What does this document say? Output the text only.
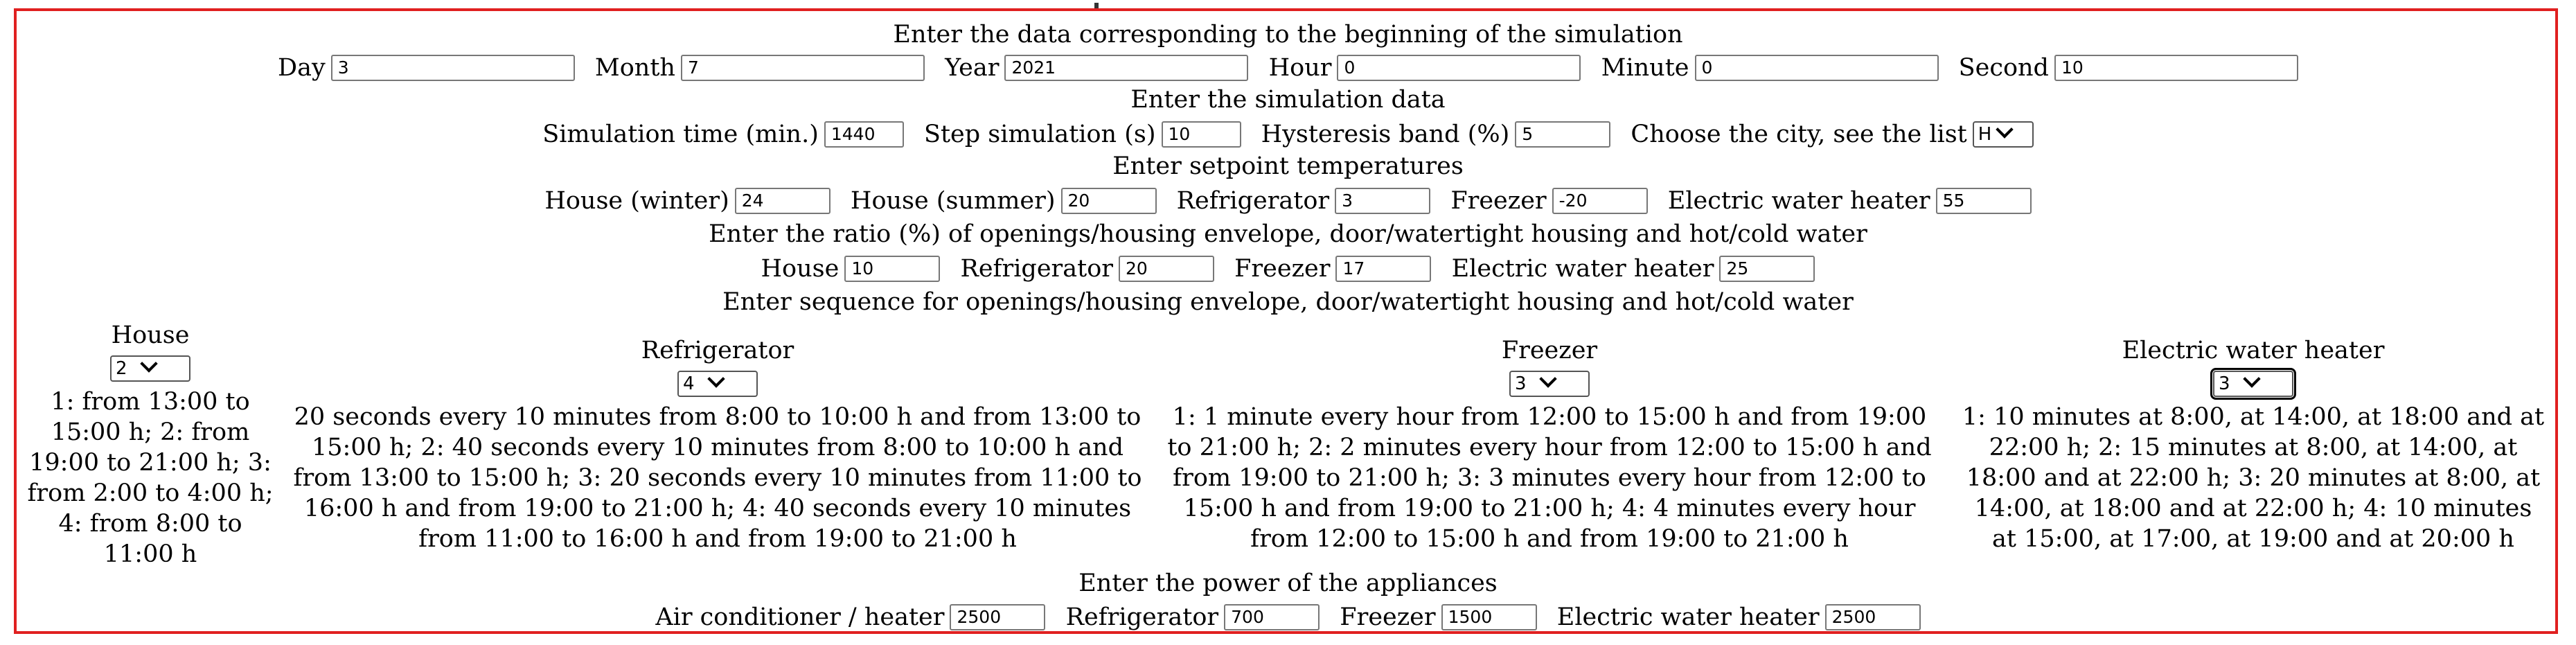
Enter the data corresponding to the beginning of the simulation
Day3	Month7	Year2021	Hour0	Minute0	Second10
Enter the simulation data
Simulation time (min.)1440	Step simulation (s)10	Hysteresis band (%)5	Choose the city, see the list H
Enter setpoint temperatures
House (winter)24	House (summer)20	Refrigerator3	Freezer-20	Electric water heater55
Enter the ratio (%) of openings/housing envelope, door/watertight housing and hot/cold water
House10	Refrigerator20	Freezer17	Electric water heater25
Enter sequence for openings/housing envelope, door/watertight housing and hot/cold water
House
2
1: from 13:00 to 15:00 h; 2: from 19:00 to 21:00 h; 3: from 2:00 to 4:00 h; 4: from 8:00 to 11:00 h
Refrigerator
4
20 seconds every 10 minutes from 8:00 to 10:00 h and from 13:00 to 15:00 h; 2: 40 seconds every 10 minutes from 8:00 to 10:00 h and from 13:00 to 15:00 h; 3: 20 seconds every 10 minutes from 11:00 to 16:00 h and from 19:00 to 21:00 h; 4: 40 seconds every 10 minutes from 11:00 to 16:00 h and from 19:00 to 21:00 h
Freezer
3
1: 1 minute every hour from 12:00 to 15:00 h and from 19:00 to 21:00 h; 2: 2 minutes every hour from 12:00 to 15:00 h and from 19:00 to 21:00 h; 3: 3 minutes every hour from 12:00 to 15:00 h and from 19:00 to 21:00 h; 4: 4 minutes every hour from 12:00 to 15:00 h and from 19:00 to 21:00 h
Electric water heater
3
1: 10 minutes at 8:00, at 14:00, at 18:00 and at 22:00 h; 2: 15 minutes at 8:00, at 14:00, at 18:00 and at 22:00 h; 3: 20 minutes at 8:00, at 14:00, at 18:00 and at 22:00 h; 4: 10 minutes at 15:00, at 17:00, at 19:00 and at 20:00 h
Enter the power of the appliances
Air conditioner / heater2500	Refrigerator700	Freezer1500	Electric water heater2500
